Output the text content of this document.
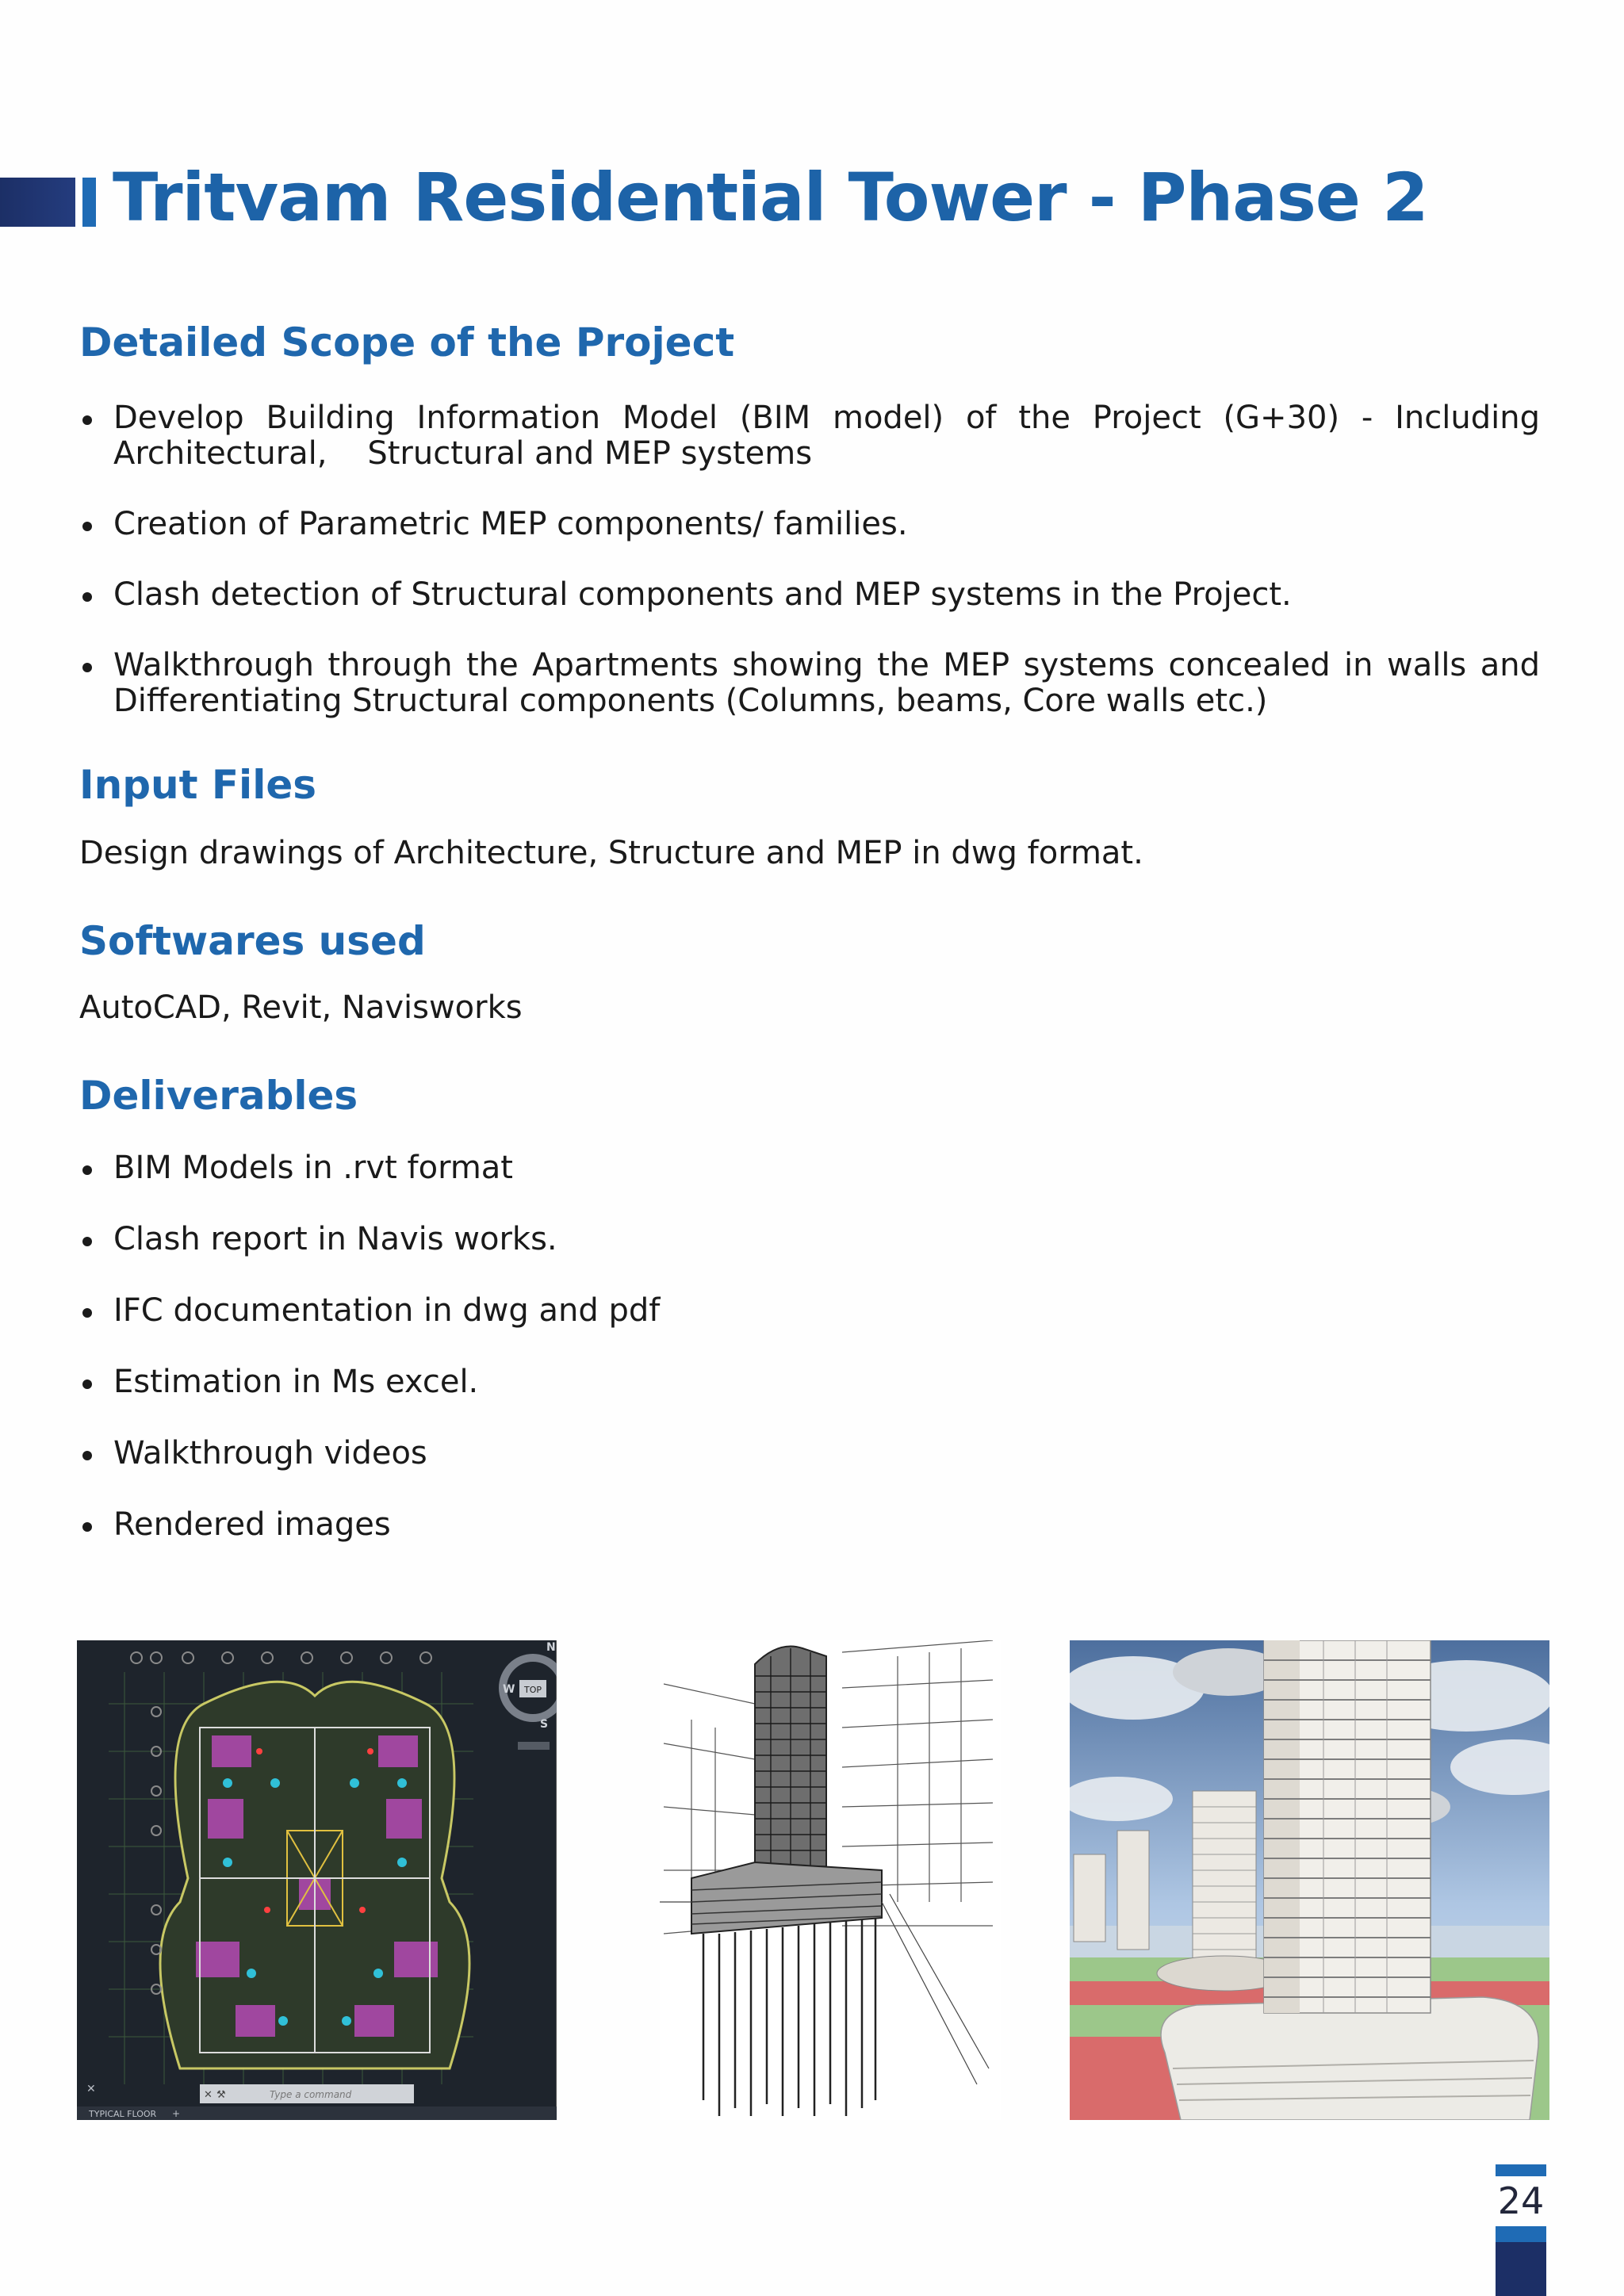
Tritvam Residential Tower - Phase 2
Detailed Scope of the Project
Develop Building Information Model (BIM model) of the Project (G+30) - Including Architectural,    Structural and MEP systems
Creation of Parametric MEP components/ families.
Clash detection of Structural components and MEP systems in the Project.
Walkthrough through the Apartments showing the MEP systems concealed in walls and Differentiating Structural components (Columns, beams, Core walls etc.)
Input Files

Design drawings of Architecture, Structure and MEP in dwg format.

Softwares used

AutoCAD, Revit, Navisworks

Deliverables
BIM Models in .rvt format
Clash report in Navis works.
IFC documentation in dwg and pdf
Estimation in Ms excel.
Walkthrough videos
Rendered images
TOP
N
W
S
Type a command
✕ ⚒
✕
TYPICAL FLOOR +
24
